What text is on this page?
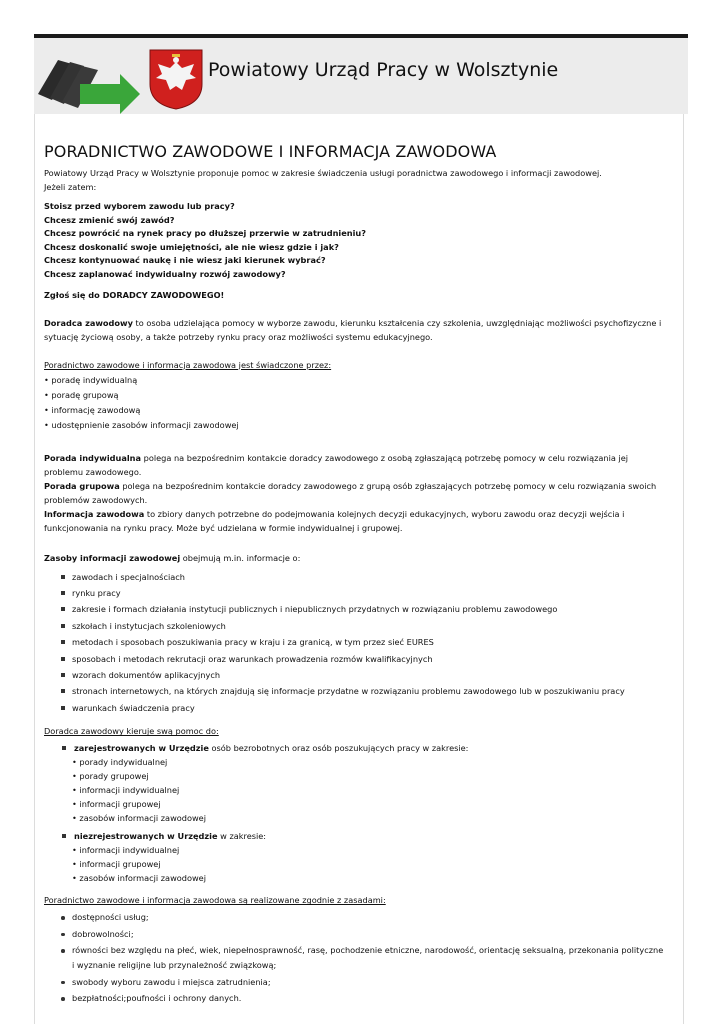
Powiatowy Urząd Pracy w Wolsztynie
PORADNICTWO ZAWODOWE I INFORMACJA ZAWODOWA

Powiatowy Urząd Pracy w Wolsztynie proponuje pomoc w zakresie świadczenia usługi poradnictwa zawodowego i informacji zawodowej.

Jeżeli zatem:

Stoisz przed wyborem zawodu lub pracy?

Chcesz zmienić swój zawód?

Chcesz powrócić na rynek pracy po dłuższej przerwie w zatrudnieniu?

Chcesz doskonalić swoje umiejętności, ale nie wiesz gdzie i jak?

Chcesz kontynuować naukę i nie wiesz jaki kierunek wybrać?

Chcesz zaplanować indywidualny rozwój zawodowy?

Zgłoś się do DORADCY ZAWODOWEGO!

Doradca zawodowy to osoba udzielająca pomocy w wyborze zawodu, kierunku kształcenia czy szkolenia, uwzględniając możliwości psychofizyczne i sytuację życiową osoby, a także potrzeby rynku pracy oraz możliwości systemu edukacyjnego.

Poradnictwo zawodowe i informacja zawodowa jest świadczone przez:

• poradę indywidualną

• poradę grupową

• informację zawodową

• udostępnienie zasobów informacji zawodowej

Porada indywidualna polega na bezpośrednim kontakcie doradcy zawodowego z osobą zgłaszającą potrzebę pomocy w celu rozwiązania jej problemu zawodowego.

Porada grupowa polega na bezpośrednim kontakcie doradcy zawodowego z grupą osób zgłaszających potrzebę pomocy w celu rozwiązania swoich problemów zawodowych.

Informacja zawodowa to zbiory danych potrzebne do podejmowania kolejnych decyzji edukacyjnych, wyboru zawodu oraz decyzji wejścia i funkcjonowania na rynku pracy. Może być udzielana w formie indywidualnej i grupowej.

Zasoby informacji zawodowej obejmują m.in. informacje o:

zawodach i specjalnościach
rynku pracy
zakresie i formach działania instytucji publicznych i niepublicznych przydatnych w rozwiązaniu problemu zawodowego
szkołach i instytucjach szkoleniowych
metodach i sposobach poszukiwania pracy w kraju i za granicą, w tym przez sieć EURES
sposobach i metodach rekrutacji oraz warunkach prowadzenia rozmów kwalifikacyjnych
wzorach dokumentów aplikacyjnych
stronach internetowych, na których znajdują się informacje przydatne w rozwiązaniu problemu zawodowego lub w poszukiwaniu pracy
warunkach świadczenia pracy

Doradca zawodowy kieruje swą pomoc do:

zarejestrowanych w Urzędzie osób bezrobotnych oraz osób poszukujących pracy w zakresie:

• porady indywidualnej

• porady grupowej

• informacji indywidualnej

• informacji grupowej

• zasobów informacji zawodowej

niezrejestrowanych w Urzędzie w zakresie:

• informacji indywidualnej

• informacji grupowej

• zasobów informacji zawodowej

Poradnictwo zawodowe i informacja zawodowa są realizowane zgodnie z zasadami:

dostępności usług;
dobrowolności;
równości bez względu na płeć, wiek, niepełnosprawność, rasę, pochodzenie etniczne, narodowość, orientację seksualną, przekonania polityczne i wyznanie religijne lub przynależność związkową;
swobody wyboru zawodu i miejsca zatrudnienia;
bezpłatności;poufności i ochrony danych.
